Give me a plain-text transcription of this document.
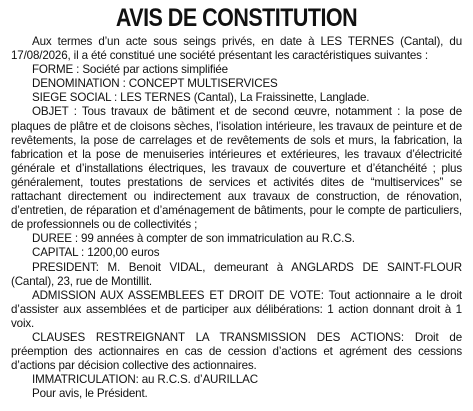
AVIS DE CONSTITUTION

Aux termes d’un acte sous seings privés, en date à LES TERNES (Cantal), du 17/08/2026, il a été constitué une société présentant les caractéristiques suivantes :

FORME : Société par actions simplifiée

DENOMINATION : CONCEPT MULTISERVICES

SIEGE SOCIAL : LES TERNES (Cantal), La Fraissinette, Langlade.

OBJET : Tous travaux de bâtiment et de second œuvre, notamment : la pose de plaques de plâtre et de cloisons sèches, l’isolation intérieure, les travaux de peinture et de revêtements, la pose de carrelages et de revêtements de sols et murs, la fabrication, la fabrication et la pose de menuiseries intérieures et extérieures, les travaux d’électricité générale et d’installations électriques, les travaux de couverture et d’étanchéité ; plus généralement, toutes prestations de services et activités dites de “multiservices” se rattachant directement ou indirectement aux travaux de construction, de rénovation, d’entretien, de réparation et d’aménagement de bâtiments, pour le compte de particuliers, de professionnels ou de collectivités ;

DUREE : 99 années à compter de son immatriculation au R.C.S.

CAPITAL : 1200,00 euros

PRESIDENT: M. Benoit VIDAL, demeurant à ANGLARDS DE SAINT-FLOUR (Cantal), 23, rue de Montillit.

ADMISSION AUX ASSEMBLEES ET DROIT DE VOTE: Tout actionnaire a le droit d’assister aux assemblées et de participer aux délibérations: 1 action donnant droit à 1 voix.

CLAUSES RESTREIGNANT LA TRANSMISSION DES ACTIONS: Droit de préemption des actionnaires en cas de cession d’actions et agrément des cessions d’actions par décision collective des actionnaires.

IMMATRICULATION: au R.C.S. d’AURILLAC

Pour avis, le Président.
